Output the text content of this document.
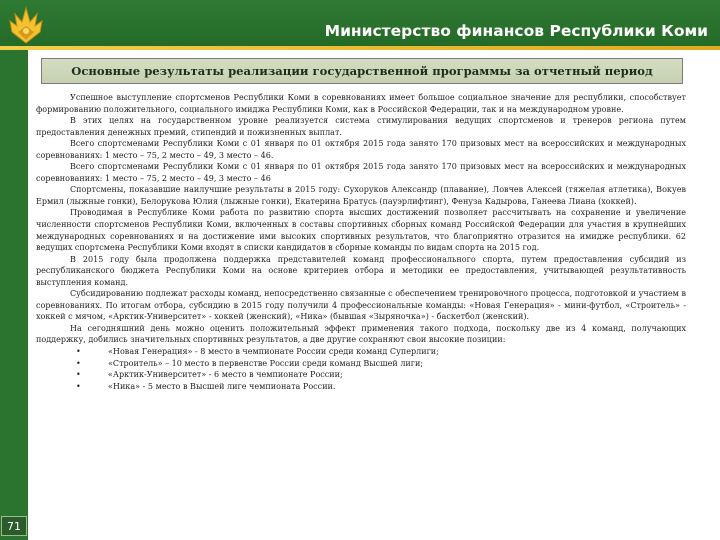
Министерство финансов Республики Коми
Основные результаты реализации государственной программы за отчетный период

Успешное выступление спортсменов Республики Коми в соревнованиях имеет большое социальное значение для республики, способствует формированию положительного, социального имиджа Республики Коми, как в Российской Федерации, так и на международном уровне.

В этих целях на государственном уровне реализуется система стимулирования ведущих спортсменов и тренеров региона путем предоставления денежных премий, стипендий и пожизненных выплат.

Всего спортсменами Республики Коми с 01 января по 01 октября 2015 года занято 170 призовых мест на всероссийских и международных соревнованиях: 1 место – 75, 2 место – 49, 3 место – 46.

Всего спортсменами Республики Коми с 01 января по 01 октября 2015 года занято 170 призовых мест на всероссийских и международных соревнованиях: 1 место – 75, 2 место – 49, 3 место – 46

Спортсмены, показавшие наилучшие результаты в 2015 году: Сухоруков Александр (плавание), Ловчев Алексей (тяжелая атлетика), Вокуев Ермил (лыжные гонки), Белорукова Юлия (лыжные гонки), Екатерина Братусь (пауэрлифтинг), Фенуза Кадырова, Ганеева Лиана (хоккей).

Проводимая в Республике Коми работа по развитию спорта высших достижений позволяет рассчитывать на сохранение и увеличение численности спортсменов Республики Коми, включенных в составы спортивных сборных команд Российской Федерации для участия в крупнейших международных соревнованиях и на достижение ими высоких спортивных результатов, что благоприятно отразится на имидже республики. 62 ведущих спортсмена Республики Коми входят в списки кандидатов в сборные команды по видам спорта на 2015 год.

В 2015 году была продолжена поддержка представителей команд профессионального спорта, путем предоставления субсидий из республиканского бюджета Республики Коми на основе критериев отбора и методики ее предоставления, учитывающей результативность выступления команд.

Субсидированию подлежат расходы команд, непосредственно связанные с обеспечением тренировочного процесса, подготовкой и участием в соревнованиях. По итогам отбора, субсидию в 2015 году получили 4 профессиональные команды: «Новая Генерация» - мини-футбол, «Строитель» - хоккей с мячом, «Арктик-Университет» - хоккей (женский), «Ника» (бывшая «Зыряночка») - баскетбол (женский).

На сегодняшний день можно оценить положительный эффект применения такого подхода, поскольку две из 4 команд, получающих поддержку, добились значительных спортивных результатов, а две другие сохраняют свои высокие позиции:

• «Новая Генерация» - 8 место в чемпионате России среди команд Суперлиги;
• «Строитель» – 10 место в первенстве России среди команд Высшей лиги;
• «Арктик-Университет» - 6 место в чемпионате России;
• «Ника» - 5 место в Высшей лиге чемпионата России.
71
